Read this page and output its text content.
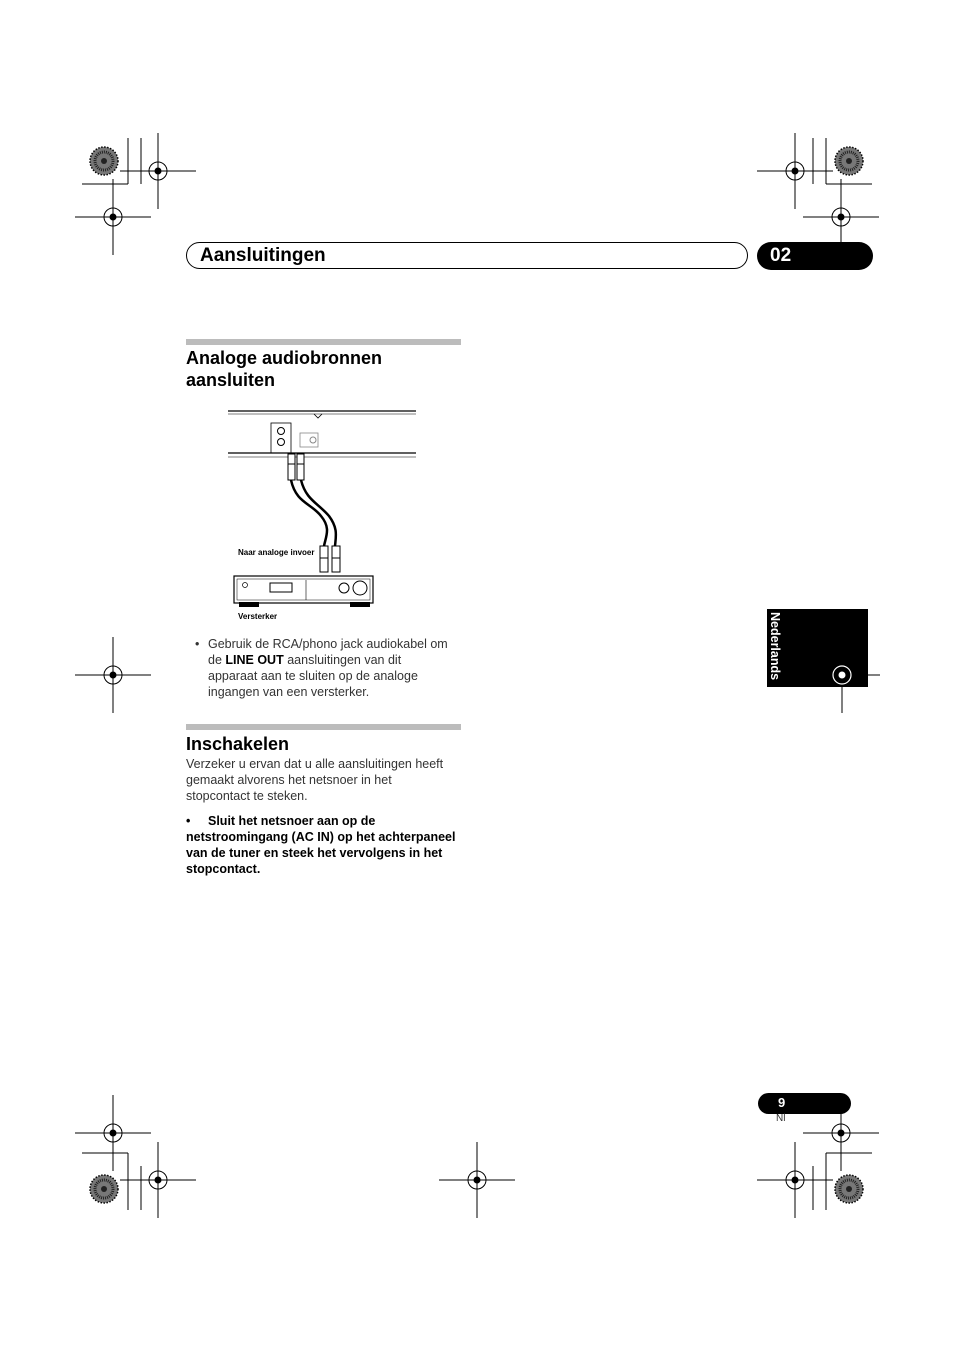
Aansluitingen	02
Analoge audiobronnen
aansluiten
Naar analoge invoer
Versterker
• Gebruik de RCA/phono jack audiokabel om
de LINE OUT aansluitingen van dit
apparaat aan te sluiten op de analoge
ingangen van een versterker.
Inschakelen
Verzeker u ervan dat u alle aansluitingen heeft
gemaakt alvorens het netsnoer in het
stopcontact te steken.
•	Sluit het netsnoer aan op de
netstroomingang (AC IN) op het achterpaneel
van de tuner en steek het vervolgens in het
stopcontact.
Nederlands
9
Nl
